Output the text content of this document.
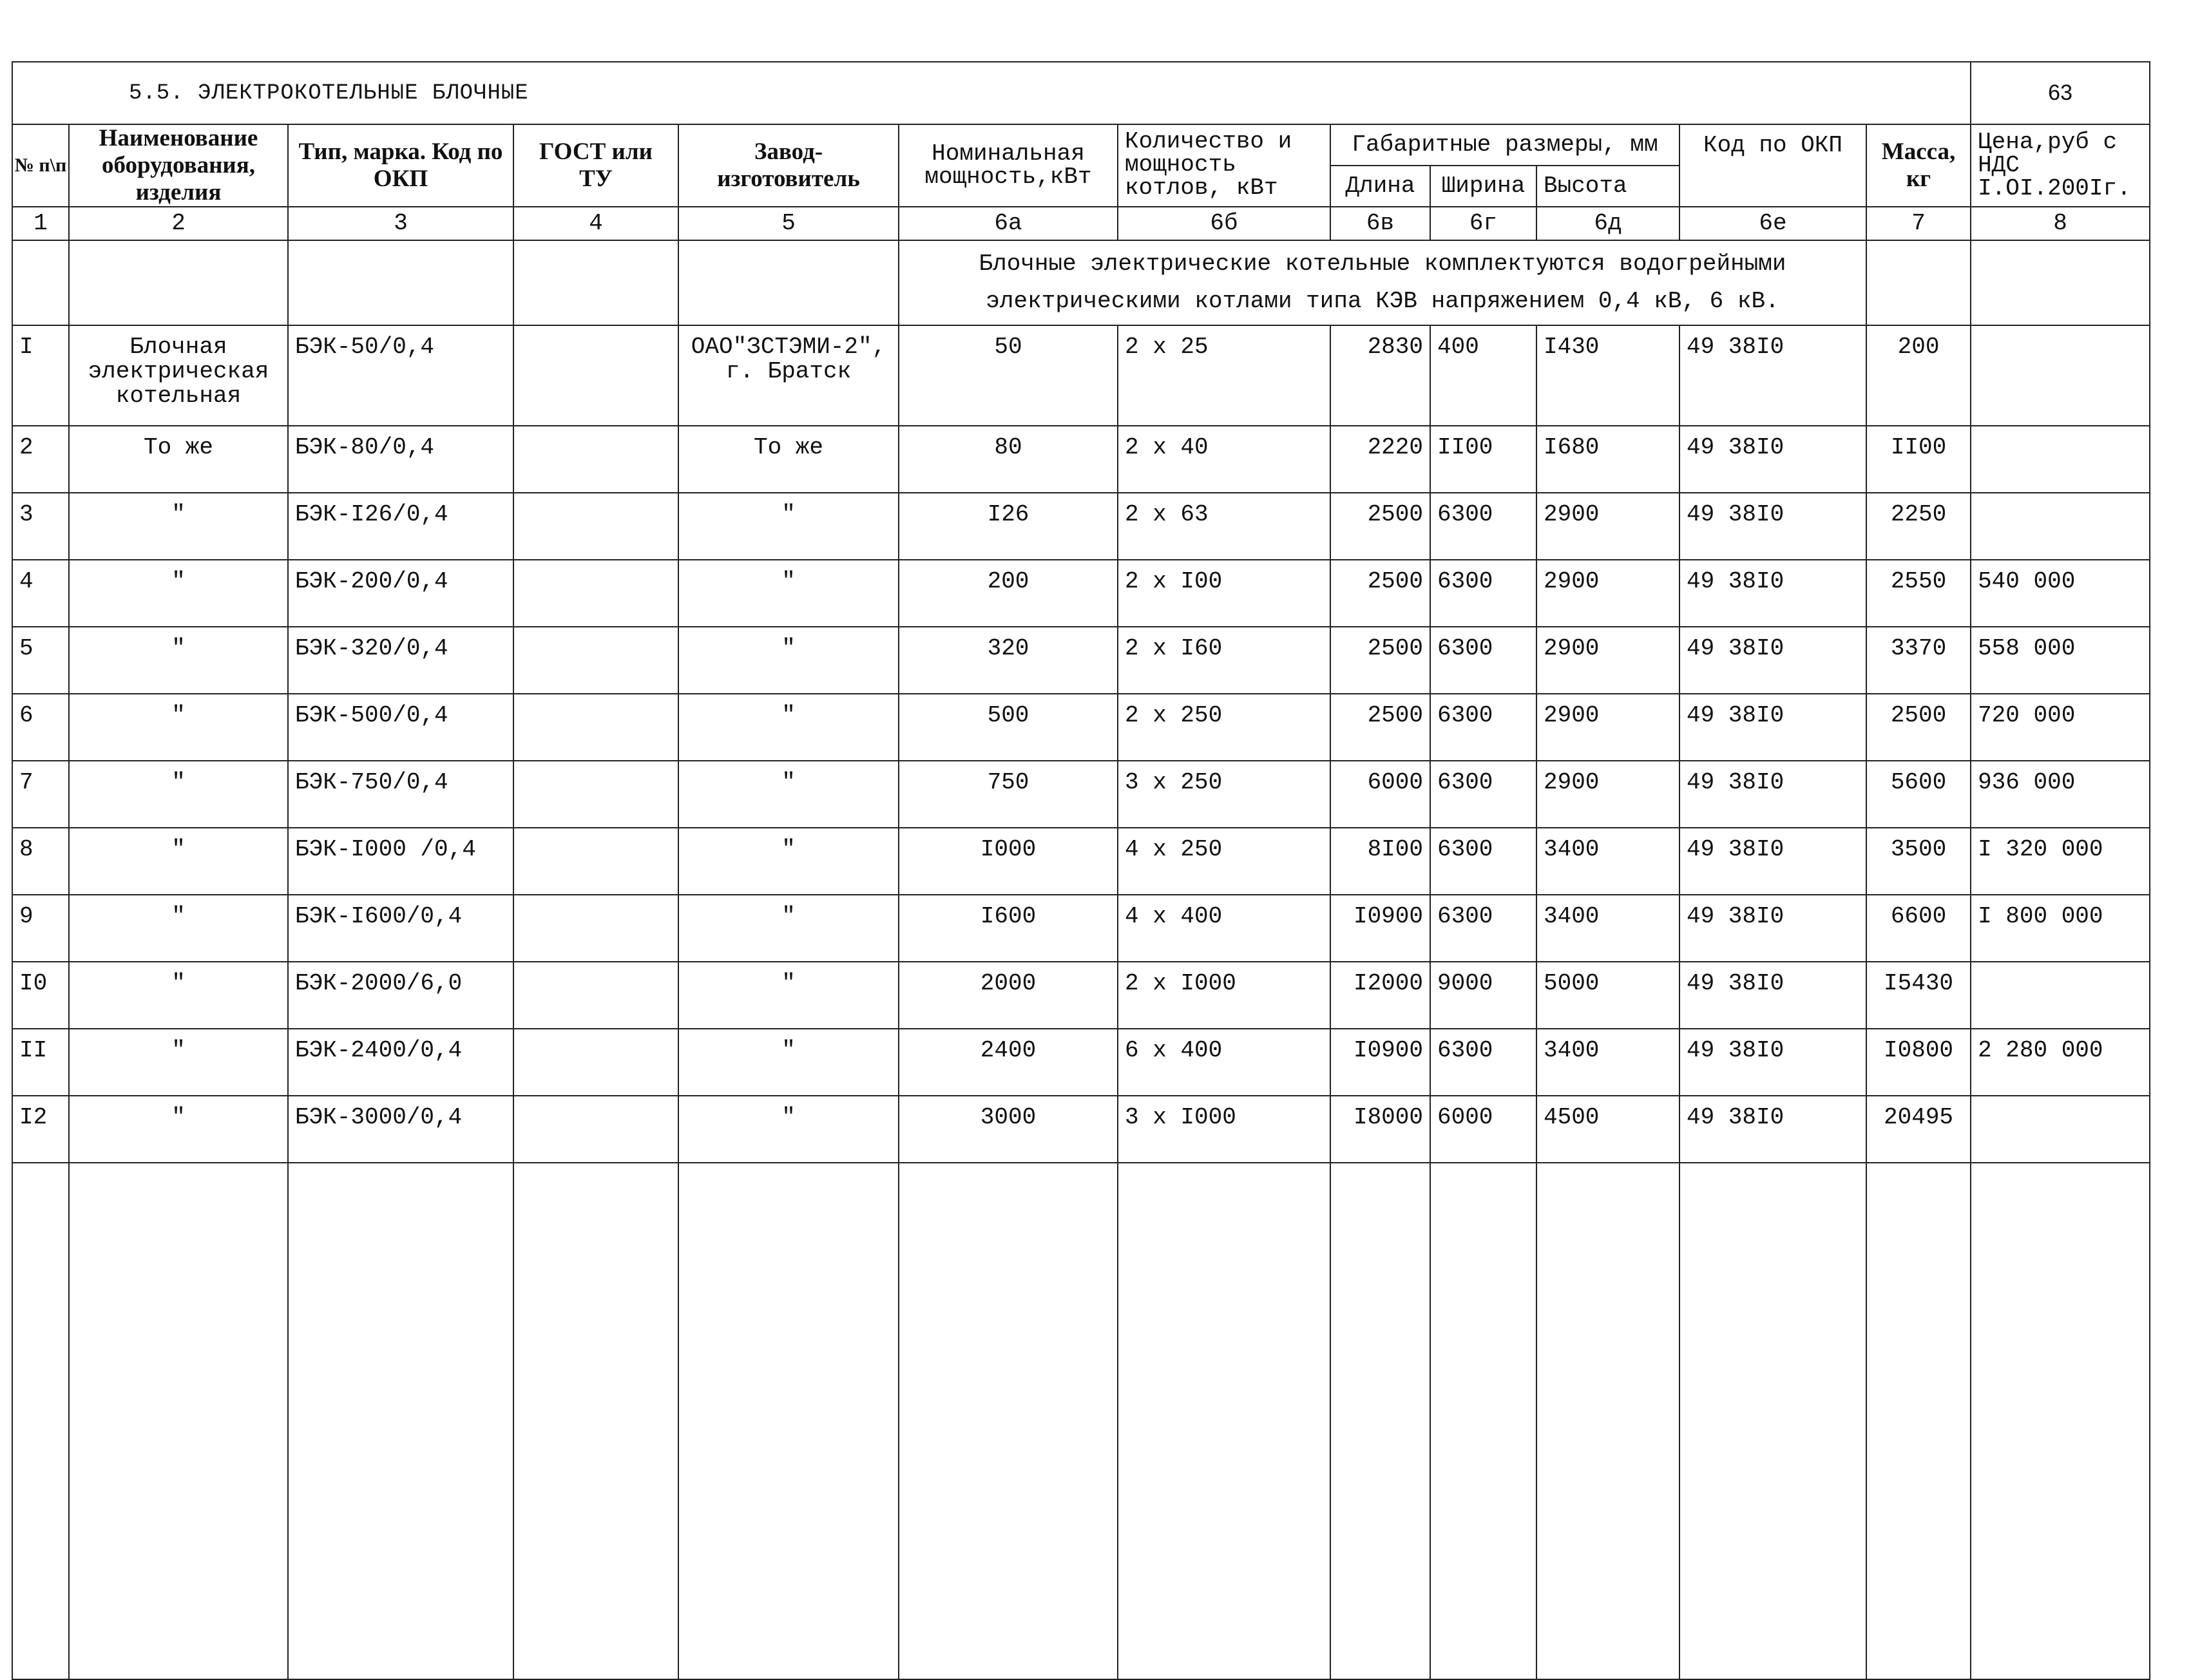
5.5. ЭЛЕКТРОКОТЕЛЬНЫЕ БЛОЧНЫЕ												63
№ п\п	Наименование оборудования, изделия	Тип, марка. Код по ОКП	ГОСТ или ТУ	Завод-изготовитель	Номинальная мощность,кВт	Количество и мощность котлов, кВт	Габаритные размеры, мм			Код по ОКП	Масса, кг	Цена,руб с НДС I.OI.200Iг.
							Длина	Ширина	Высота			
1	2	3	4	5	6а	6б	6в	6г	6д	6е	7	8
					Блочные электрические котельные комплектуются водогрейными электрическими котлами типа КЭВ напряжением 0,4 кВ, 6 кВ.							
I	Блочная электрическая котельная	БЭК-50/0,4		ОАО"ЗСТЭМИ-2", г. Братск	50	2 х 25	2830	400	I430	49 38I0	200	
2	То же	БЭК-80/0,4		То же	80	2 х 40	2220	II00	I680	49 38I0	II00	
3	"	БЭК-I26/0,4		"	I26	2 х 63	2500	6300	2900	49 38I0	2250	
4	"	БЭК-200/0,4		"	200	2 х I00	2500	6300	2900	49 38I0	2550	540 000
5	"	БЭК-320/0,4		"	320	2 х I60	2500	6300	2900	49 38I0	3370	558 000
6	"	БЭК-500/0,4		"	500	2 х 250	2500	6300	2900	49 38I0	2500	720 000
7	"	БЭК-750/0,4		"	750	3 х 250	6000	6300	2900	49 38I0	5600	936 000
8	"	БЭК-I000 /0,4		"	I000	4 х 250	8I00	6300	3400	49 38I0	3500	I 320 000
9	"	БЭК-I600/0,4		"	I600	4 х 400	I0900	6300	3400	49 38I0	6600	I 800 000
I0	"	БЭК-2000/6,0		"	2000	2 х I000	I2000	9000	5000	49 38I0	I5430	
II	"	БЭК-2400/0,4		"	2400	6 х 400	I0900	6300	3400	49 38I0	I0800	2 280 000
I2	"	БЭК-3000/0,4		"	3000	3 х I000	I8000	6000	4500	49 38I0	20495	
